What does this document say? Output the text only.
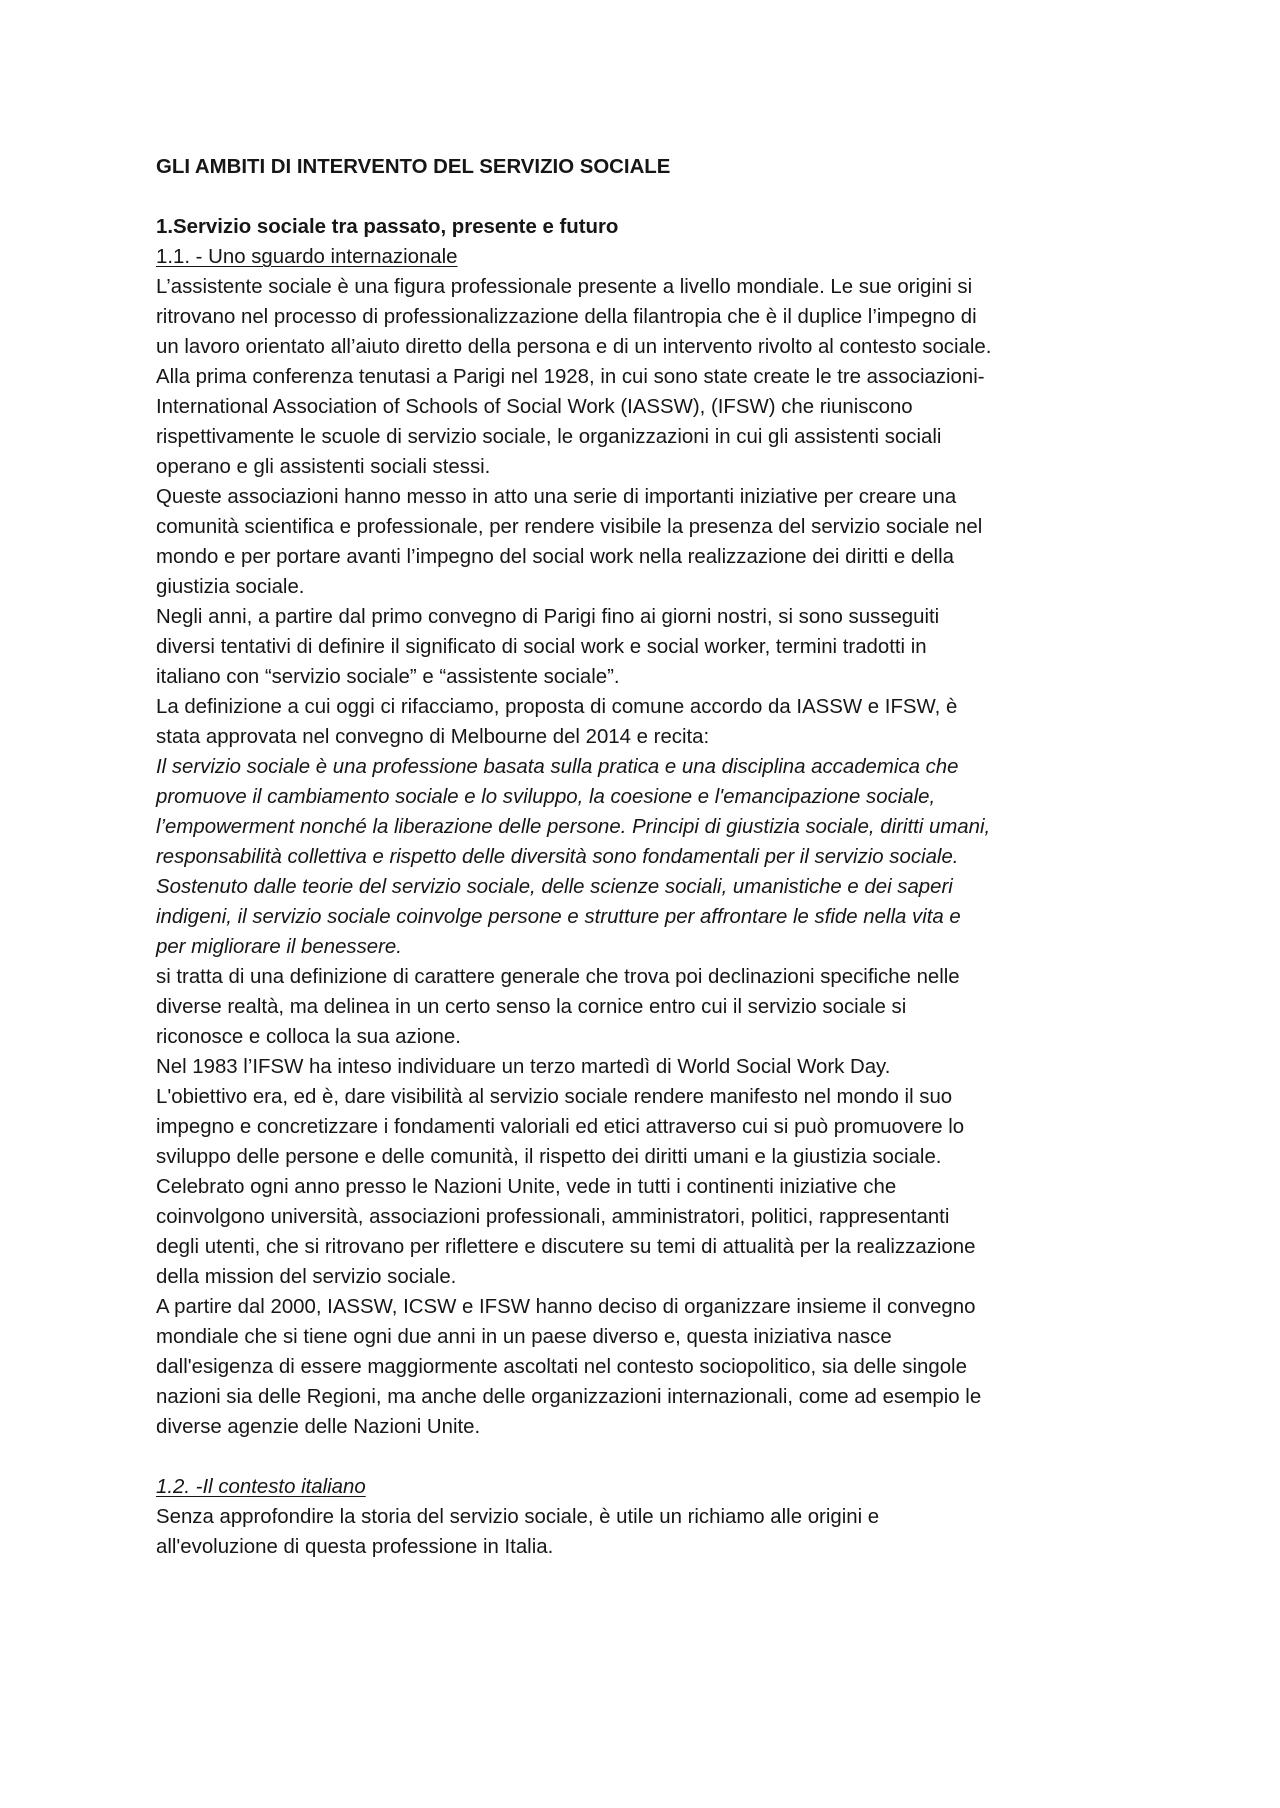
GLI AMBITI DI INTERVENTO DEL SERVIZIO SOCIALE
1.Servizio sociale tra passato, presente e futuro
1.1. - Uno sguardo internazionale
L’assistente sociale è una figura professionale presente a livello mondiale. Le sue origini si
ritrovano nel processo di professionalizzazione della filantropia che è il duplice l’impegno di
un lavoro orientato all’aiuto diretto della persona e di un intervento rivolto al contesto sociale.
Alla prima conferenza tenutasi a Parigi nel 1928, in cui sono state create le tre associazioni-
International Association of Schools of Social Work (IASSW), (IFSW) che riuniscono
rispettivamente le scuole di servizio sociale, le organizzazioni in cui gli assistenti sociali
operano e gli assistenti sociali stessi.
Queste associazioni hanno messo in atto una serie di importanti iniziative per creare una
comunità scientifica e professionale, per rendere visibile la presenza del servizio sociale nel
mondo e per portare avanti l’impegno del social work nella realizzazione dei diritti e della
giustizia sociale.
Negli anni, a partire dal primo convegno di Parigi fino ai giorni nostri, si sono susseguiti
diversi tentativi di definire il significato di social work e social worker, termini tradotti in
italiano con “servizio sociale” e “assistente sociale”.
La definizione a cui oggi ci rifacciamo, proposta di comune accordo da IASSW e IFSW, è
stata approvata nel convegno di Melbourne del 2014 e recita:
Il servizio sociale è una professione basata sulla pratica e una disciplina accademica che
promuove il cambiamento sociale e lo sviluppo, la coesione e l'emancipazione sociale,
l’empowerment nonché la liberazione delle persone. Principi di giustizia sociale, diritti umani,
responsabilità collettiva e rispetto delle diversità sono fondamentali per il servizio sociale.
Sostenuto dalle teorie del servizio sociale, delle scienze sociali, umanistiche e dei saperi
indigeni, il servizio sociale coinvolge persone e strutture per affrontare le sfide nella vita e
per migliorare il benessere.
si tratta di una definizione di carattere generale che trova poi declinazioni specifiche nelle
diverse realtà, ma delinea in un certo senso la cornice entro cui il servizio sociale si
riconosce e colloca la sua azione.
Nel 1983 l’IFSW ha inteso individuare un terzo martedì di World Social Work Day.
L'obiettivo era, ed è, dare visibilità al servizio sociale rendere manifesto nel mondo il suo
impegno e concretizzare i fondamenti valoriali ed etici attraverso cui si può promuovere lo
sviluppo delle persone e delle comunità, il rispetto dei diritti umani e la giustizia sociale.
Celebrato ogni anno presso le Nazioni Unite, vede in tutti i continenti iniziative che
coinvolgono università, associazioni professionali, amministratori, politici, rappresentanti
degli utenti, che si ritrovano per riflettere e discutere su temi di attualità per la realizzazione
della mission del servizio sociale.
A partire dal 2000, IASSW, ICSW e IFSW hanno deciso di organizzare insieme il convegno
mondiale che si tiene ogni due anni in un paese diverso e, questa iniziativa nasce
dall'esigenza di essere maggiormente ascoltati nel contesto sociopolitico, sia delle singole
nazioni sia delle Regioni, ma anche delle organizzazioni internazionali, come ad esempio le
diverse agenzie delle Nazioni Unite.
1.2. -Il contesto italiano
Senza approfondire la storia del servizio sociale, è utile un richiamo alle origini e
all'evoluzione di questa professione in Italia.
